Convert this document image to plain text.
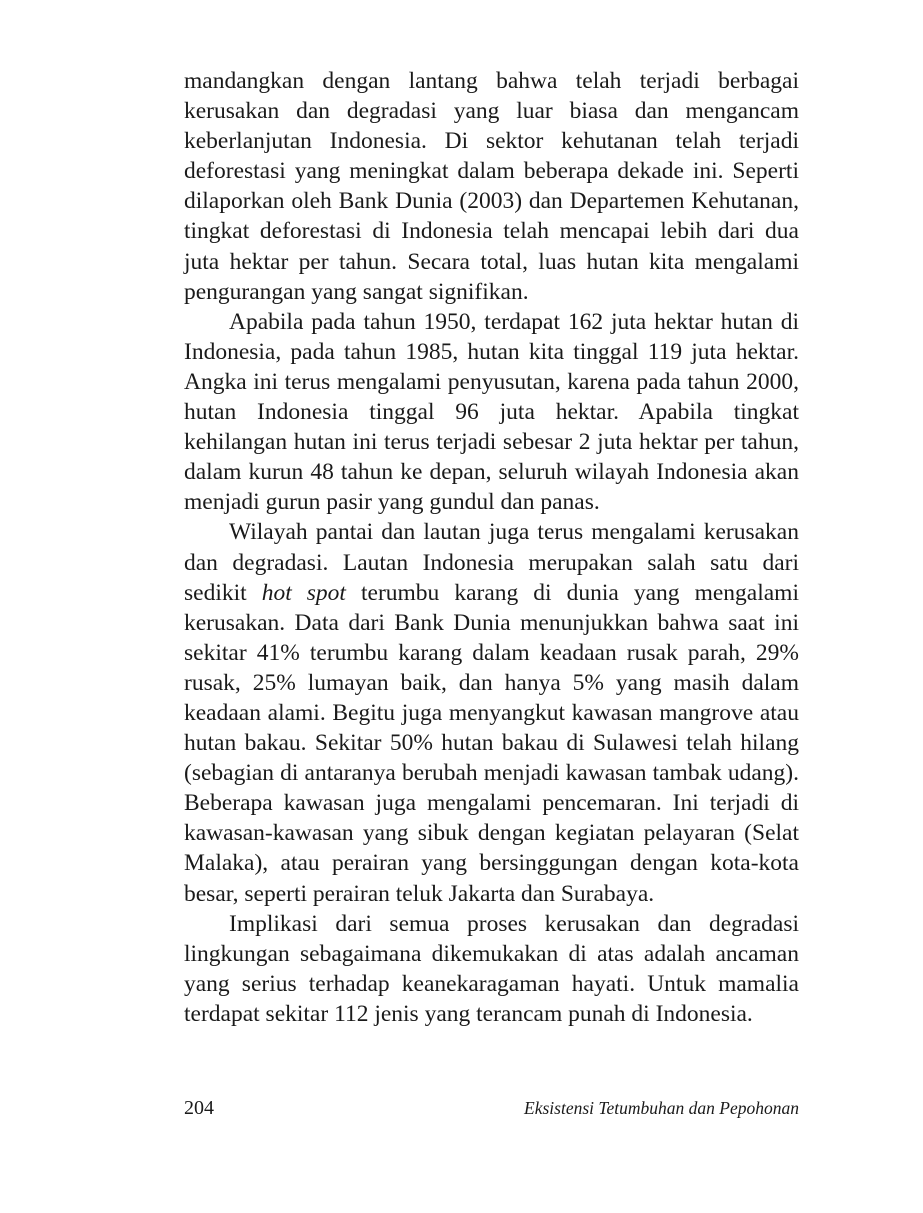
mandangkan dengan lantang bahwa telah terjadi berbagai kerusakan dan degradasi yang luar biasa dan mengancam keberlanjutan Indonesia. Di sektor kehutanan telah terjadi deforestasi yang meningkat dalam beberapa dekade ini. Seperti dilaporkan oleh Bank Dunia (2003) dan Departemen Kehutanan, tingkat deforestasi di Indonesia telah mencapai lebih dari dua juta hektar per tahun. Secara total, luas hutan kita mengalami pengurangan yang sangat signifikan.

Apabila pada tahun 1950, terdapat 162 juta hektar hutan di Indonesia, pada tahun 1985, hutan kita tinggal 119 juta hektar. Angka ini terus mengalami penyusutan, karena pada tahun 2000, hutan Indonesia tinggal 96 juta hektar. Apabila tingkat kehilangan hutan ini terus terjadi sebesar 2 juta hektar per tahun, dalam kurun 48 tahun ke depan, seluruh wilayah Indonesia akan menjadi gurun pasir yang gundul dan panas.

Wilayah pantai dan lautan juga terus mengalami kerusakan dan degradasi. Lautan Indonesia merupakan salah satu dari sedikit hot spot terumbu karang di dunia yang mengalami kerusakan. Data dari Bank Dunia menunjukkan bahwa saat ini sekitar 41% terumbu karang dalam keadaan rusak parah, 29% rusak, 25% lumayan baik, dan hanya 5% yang masih dalam keadaan alami. Begitu juga menyangkut kawasan mangrove atau hutan bakau. Sekitar 50% hutan bakau di Sulawesi telah hilang (sebagian di antaranya berubah menjadi kawasan tambak udang). Beberapa kawasan juga mengalami pencemaran. Ini terjadi di kawasan-kawasan yang sibuk dengan kegiatan pelayaran (Selat Malaka), atau perairan yang bersinggungan dengan kota-kota besar, seperti perairan teluk Jakarta dan Surabaya.

Implikasi dari semua proses kerusakan dan degradasi lingkungan sebagaimana dikemukakan di atas adalah ancaman yang serius terhadap keanekaragaman hayati. Untuk mamalia terdapat sekitar 112 jenis yang terancam punah di Indonesia.

204	Eksistensi Tetumbuhan dan Pepohonan
